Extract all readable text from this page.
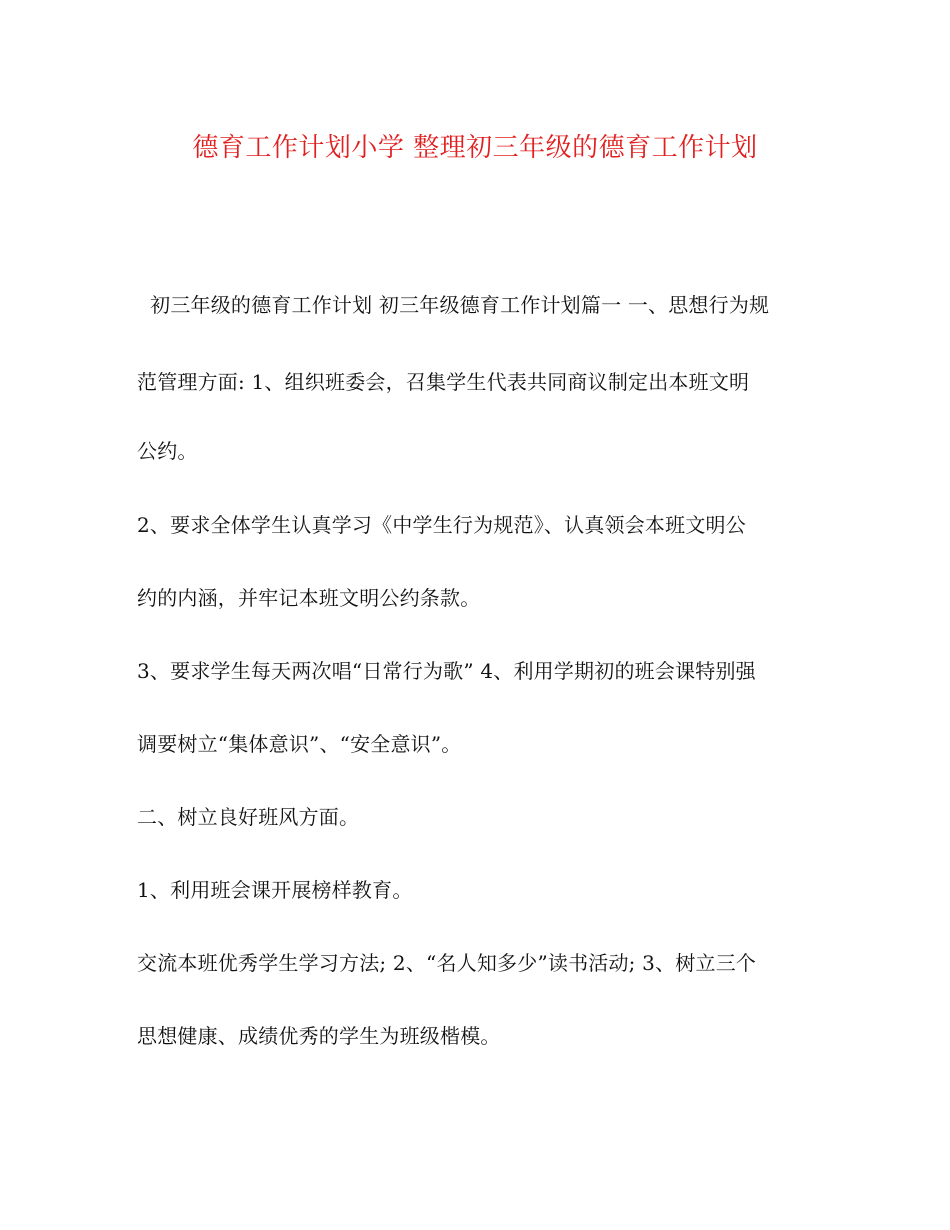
德育工作计划小学 整理初三年级的德育工作计划
初三年级的德育工作计划 初三年级德育工作计划篇一 一、思想行为规
范管理方面: 1、组织班委会，召集学生代表共同商议制定出本班文明
公约。
2、要求全体学生认真学习《中学生行为规范》、认真领会本班文明公
约的内涵，并牢记本班文明公约条款。
3、要求学生每天两次唱“日常行为歌” 4、利用学期初的班会课特别强
调要树立“集体意识”、“安全意识”。
二、树立良好班风方面。
1、利用班会课开展榜样教育。
交流本班优秀学生学习方法; 2、“名人知多少”读书活动; 3、树立三个
思想健康、成绩优秀的学生为班级楷模。
